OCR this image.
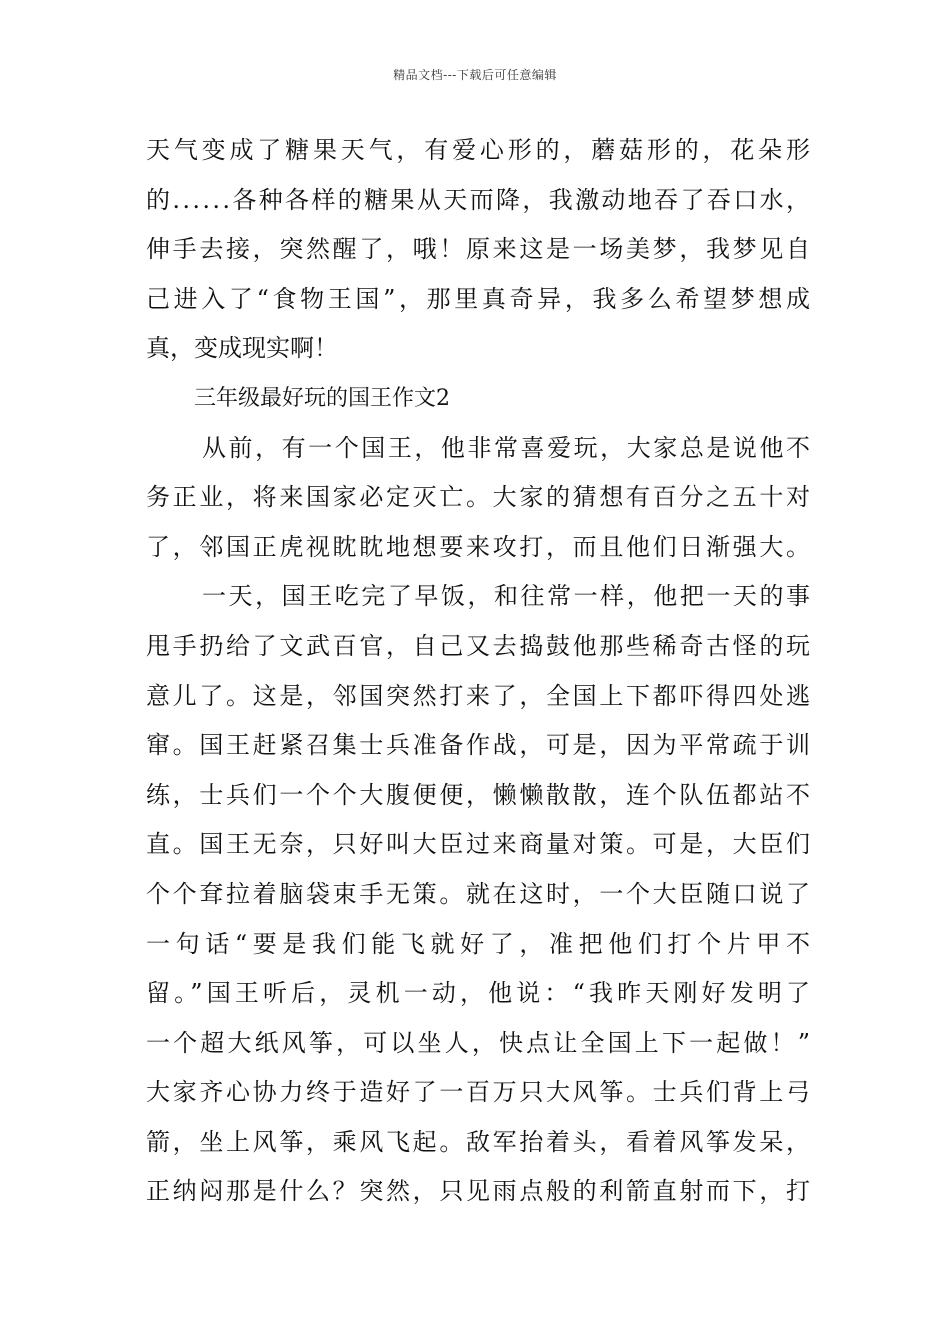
精品文档---下载后可任意编辑
天气变成了糖果天气，有爱心形的，蘑菇形的，花朵形
的......各种各样的糖果从天而降，我激动地吞了吞口水，
伸手去接，突然醒了，哦！原来这是一场美梦，我梦见自
己进入了“食物王国”，那里真奇异，我多么希望梦想成
真，变成现实啊！
三年级最好玩的国王作文2
从前，有一个国王，他非常喜爱玩，大家总是说他不
务正业，将来国家必定灭亡。大家的猜想有百分之五十对
了，邻国正虎视眈眈地想要来攻打，而且他们日渐强大。
一天，国王吃完了早饭，和往常一样，他把一天的事
甩手扔给了文武百官，自己又去捣鼓他那些稀奇古怪的玩
意儿了。这是，邻国突然打来了，全国上下都吓得四处逃
窜。国王赶紧召集士兵准备作战，可是，因为平常疏于训
练，士兵们一个个大腹便便，懒懒散散，连个队伍都站不
直。国王无奈，只好叫大臣过来商量对策。可是，大臣们
个个耷拉着脑袋束手无策。就在这时，一个大臣随口说了
一句话“要是我们能飞就好了，准把他们打个片甲不
留。”国王听后，灵机一动，他说：“我昨天刚好发明了
一个超大纸风筝，可以坐人，快点让全国上下一起做！”
大家齐心协力终于造好了一百万只大风筝。士兵们背上弓
箭，坐上风筝，乘风飞起。敌军抬着头，看着风筝发呆，
正纳闷那是什么？突然，只见雨点般的利箭直射而下，打
